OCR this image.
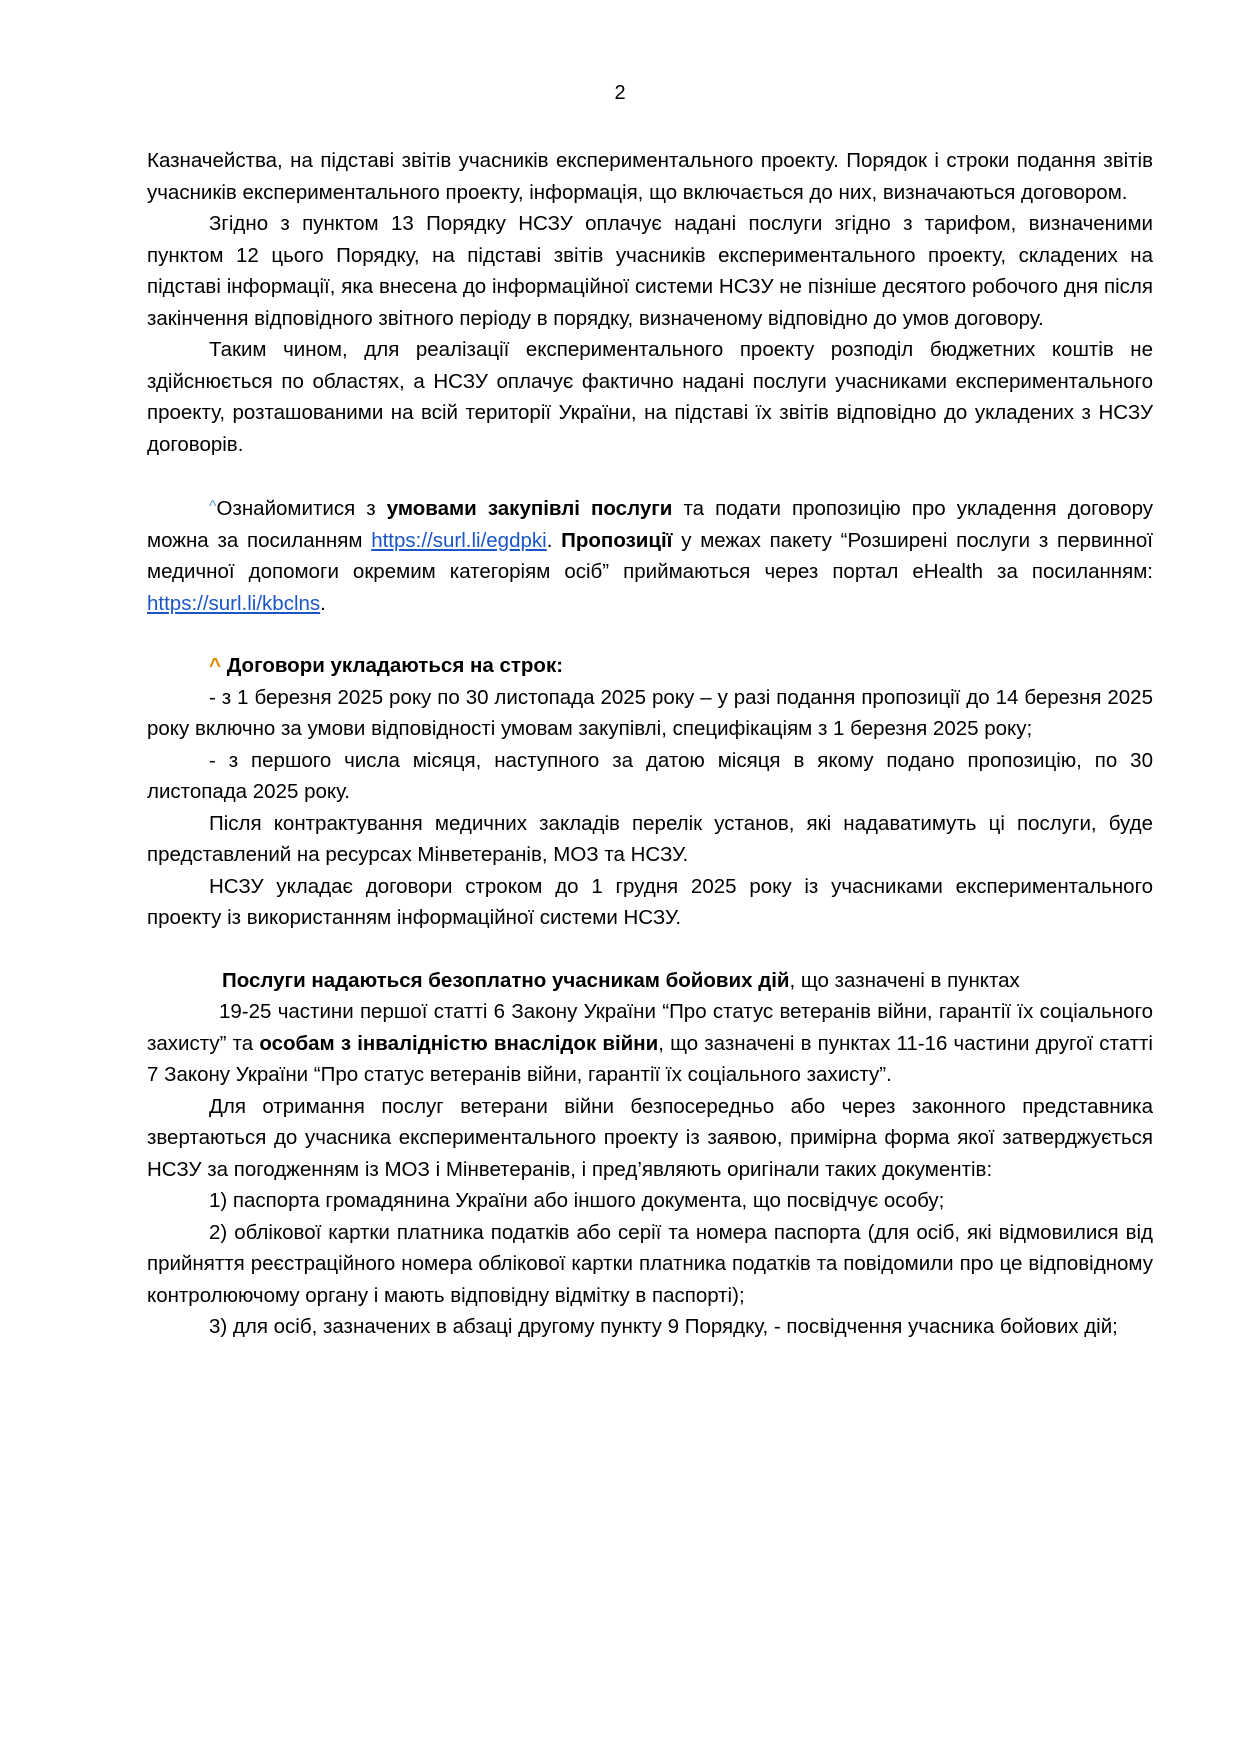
2

Казначейства, на підставі звітів учасників експериментального проекту. Порядок і строки подання звітів учасників експериментального проекту, інформація, що включається до них, визначаються договором.

Згідно з пунктом 13 Порядку НСЗУ оплачує надані послуги згідно з тарифом, визначеними пунктом 12 цього Порядку, на підставі звітів учасників експериментального проекту, складених на підставі інформації, яка внесена до інформаційної системи НСЗУ не пізніше десятого робочого дня після закінчення відповідного звітного періоду в порядку, визначеному відповідно до умов договору.

Таким чином, для реалізації експериментального проекту розподіл бюджетних коштів не здійснюється по областях, а НСЗУ оплачує фактично надані послуги учасниками експериментального проекту, розташованими на всій території України, на підставі їх звітів відповідно до укладених з НСЗУ договорів.

^Ознайомитися з умовами закупівлі послуги та подати пропозицію про укладення договору можна за посиланням https://surl.li/egdpki. Пропозиції у межах пакету “Розширені послуги з первинної медичної допомоги окремим категоріям осіб” приймаються через портал eHealth за посиланням: https://surl.li/kbclns.

^ Договори укладаються на строк:

- з 1 березня 2025 року по 30 листопада 2025 року – у разі подання пропозиції до 14 березня 2025 року включно за умови відповідності умовам закупівлі, специфікаціям з 1 березня 2025 року;

- з першого числа місяця, наступного за датою місяця в якому подано пропозицію, по 30 листопада 2025 року.

Після контрактування медичних закладів перелік установ, які надаватимуть ці послуги, буде представлений на ресурсах Мінветеранів, МОЗ та НСЗУ.

НСЗУ укладає договори строком до 1 грудня 2025 року із учасниками експериментального проекту із використанням інформаційної системи НСЗУ.

Послуги надаються безоплатно учасникам бойових дій, що зазначені в пунктах

19-25 частини першої статті 6 Закону України “Про статус ветеранів війни, гарантії їх соціального захисту” та особам з інвалідністю внаслідок війни, що зазначені в пунктах 11-16 частини другої статті 7 Закону України “Про статус ветеранів війни, гарантії їх соціального захисту”.

Для отримання послуг ветерани війни безпосередньо або через законного представника звертаються до учасника експериментального проекту із заявою, примірна форма якої затверджується НСЗУ за погодженням із МОЗ і Мінветеранів, і пред’являють оригінали таких документів:

1) паспорта громадянина України або іншого документа, що посвідчує особу;

2) облікової картки платника податків або серії та номера паспорта (для осіб, які відмовилися від прийняття реєстраційного номера облікової картки платника податків та повідомили про це відповідному контролюючому органу і мають відповідну відмітку в паспорті);

3) для осіб, зазначених в абзаці другому пункту 9 Порядку, - посвідчення учасника бойових дій;
